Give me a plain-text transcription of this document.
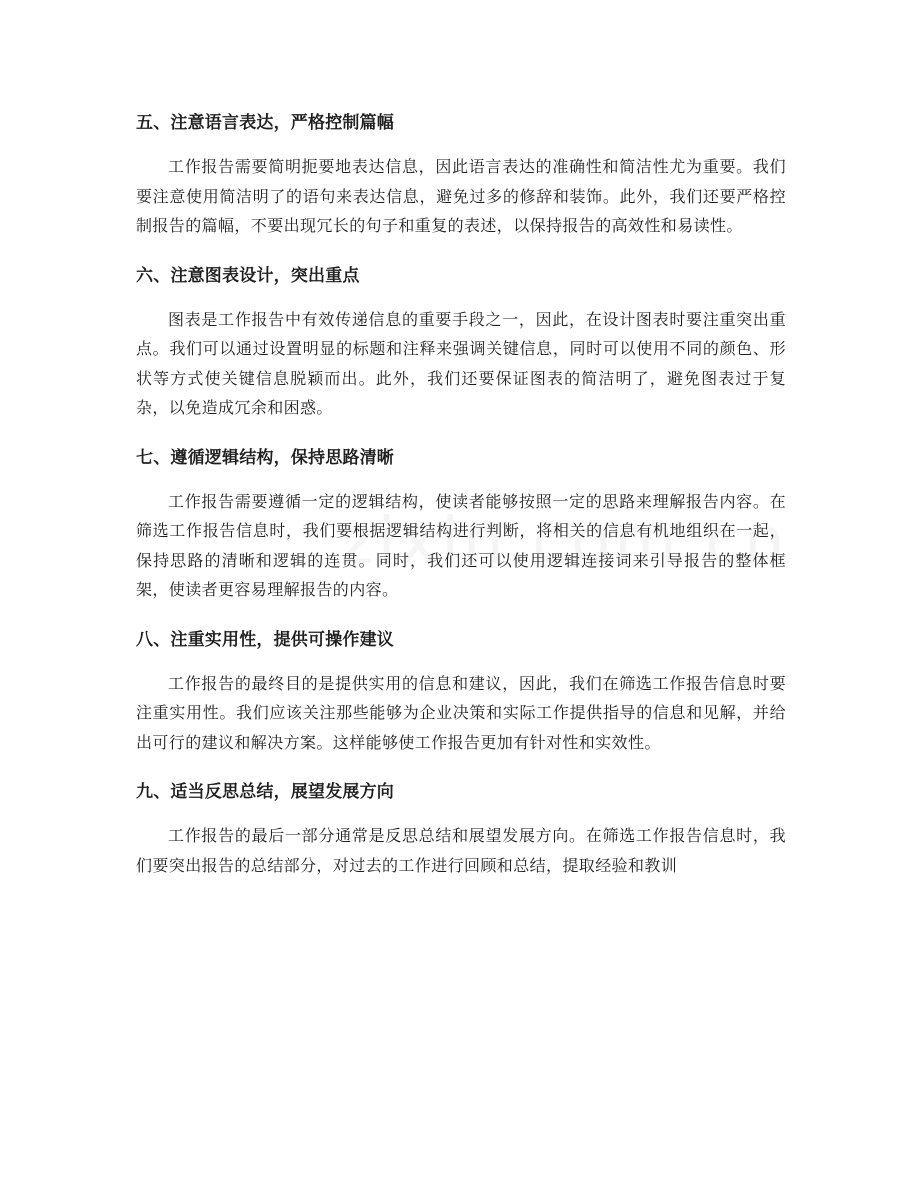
五、注意语言表达，严格控制篇幅

工作报告需要简明扼要地表达信息，因此语言表达的准确性和简洁性尤为重要。我们要注意使用简洁明了的语句来表达信息，避免过多的修辞和装饰。此外，我们还要严格控制报告的篇幅，不要出现冗长的句子和重复的表述，以保持报告的高效性和易读性。

六、注意图表设计，突出重点

图表是工作报告中有效传递信息的重要手段之一，因此，在设计图表时要注重突出重点。我们可以通过设置明显的标题和注释来强调关键信息，同时可以使用不同的颜色、形状等方式使关键信息脱颖而出。此外，我们还要保证图表的简洁明了，避免图表过于复杂，以免造成冗余和困惑。

七、遵循逻辑结构，保持思路清晰

工作报告需要遵循一定的逻辑结构，使读者能够按照一定的思路来理解报告内容。在筛选工作报告信息时，我们要根据逻辑结构进行判断，将相关的信息有机地组织在一起，保持思路的清晰和逻辑的连贯。同时，我们还可以使用逻辑连接词来引导报告的整体框架，使读者更容易理解报告的内容。

八、注重实用性，提供可操作建议

工作报告的最终目的是提供实用的信息和建议，因此，我们在筛选工作报告信息时要注重实用性。我们应该关注那些能够为企业决策和实际工作提供指导的信息和见解，并给出可行的建议和解决方案。这样能够使工作报告更加有针对性和实效性。

九、适当反思总结，展望发展方向

工作报告的最后一部分通常是反思总结和展望发展方向。在筛选工作报告信息时，我们要突出报告的总结部分，对过去的工作进行回顾和总结，提取经验和教训
